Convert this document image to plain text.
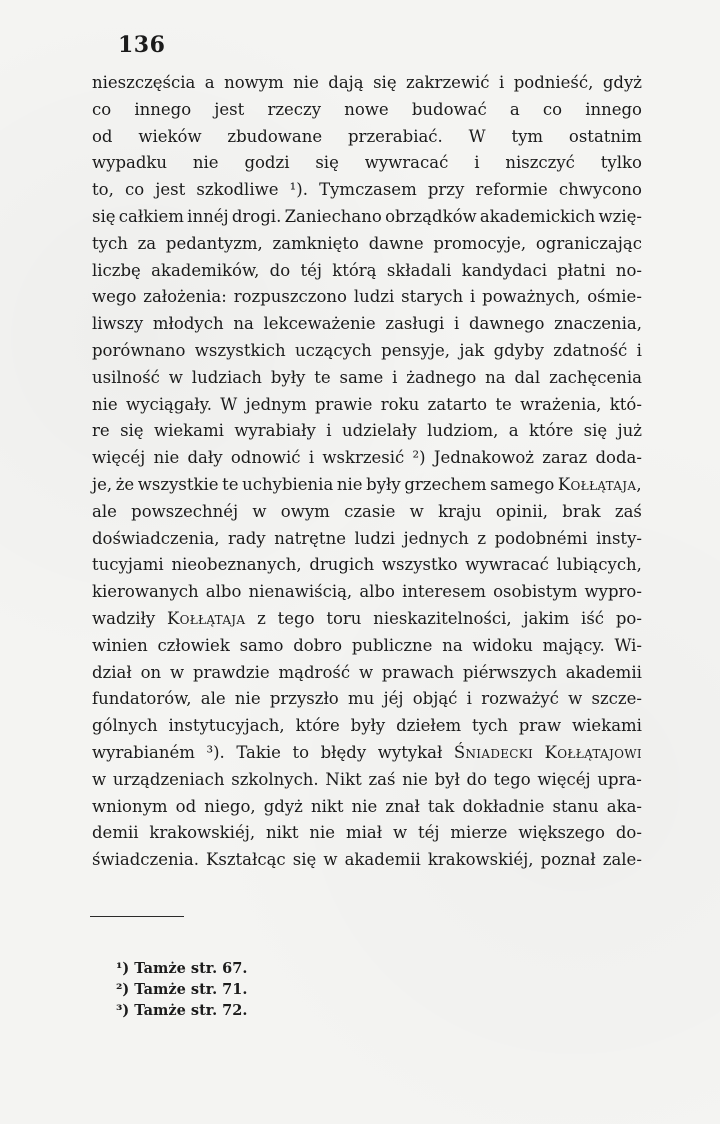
136
nieszczęścia a nowym nie dają się zakrzewić i podnieść, gdyż
co innego jest rzeczy nowe budować a co innego
od wieków zbudowane przerabiać. W tym ostatnim
wypadku nie godzi się wywracać i niszczyć tylko
to, co jest szkodliwe ¹). Tymczasem przy reformie chwycono
się całkiem innéj drogi. Zaniechano obrządków akademickich wzię-
tych za pedantyzm, zamknięto dawne promocyje, ograniczając
liczbę akademików, do téj którą składali kandydaci płatni no-
wego założenia: rozpuszczono ludzi starych i poważnych, ośmie-
liwszy młodych na lekceważenie zasługi i dawnego znaczenia,
porównano wszystkich uczących pensyje, jak gdyby zdatność i
usilność w ludziach były te same i żadnego na dal zachęcenia
nie wyciągały. W jednym prawie roku zatarto te wrażenia, któ-
re się wiekami wyrabiały i udzielały ludziom, a które się już
więcéj nie dały odnowić i wskrzesić ²) Jednakowoż zaraz doda-
je, że wszystkie te uchybienia nie były grzechem samego Kołłątaja,
ale powszechnéj w owym czasie w kraju opinii, brak zaś
doświadczenia, rady natrętne ludzi jednych z podobnémi insty-
tucyjami nieobeznanych, drugich wszystko wywracać lubiących,
kierowanych albo nienawiścią, albo interesem osobistym wypro-
wadziły Kołłątaja z tego toru nieskazitelności, jakim iść po-
winien człowiek samo dobro publiczne na widoku mający. Wi-
dział on w prawdzie mądrość w prawach piérwszych akademii
fundatorów, ale nie przyszło mu jéj objąć i rozważyć w szcze-
gólnych instytucyjach, które były dziełem tych praw wiekami
wyrabianém ³). Takie to błędy wytykał Śniadecki Kołłątajowi
w urządzeniach szkolnych. Nikt zaś nie był do tego więcéj upra-
wnionym od niego, gdyż nikt nie znał tak dokładnie stanu aka-
demii krakowskiéj, nikt nie miał w téj mierze większego do-
świadczenia. Kształcąc się w akademii krakowskiéj, poznał zale-
¹) Tamże str. 67.
²) Tamże str. 71.
³) Tamże str. 72.
